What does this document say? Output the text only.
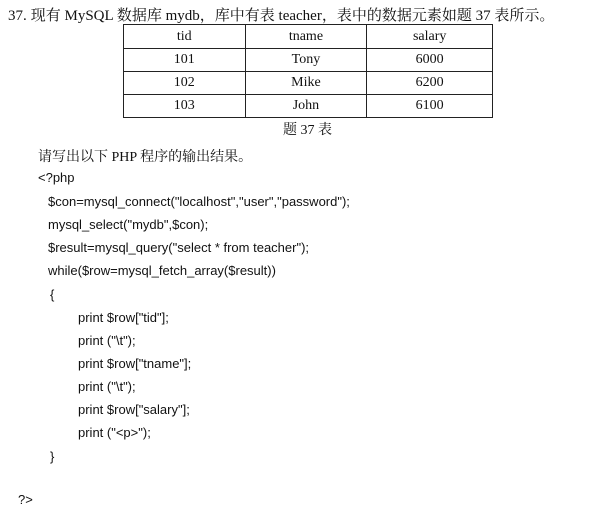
37. 现有 MySQL 数据库 mydb，库中有表 teacher，表中的数据元素如题 37 表所示。
tid	tname	salary
101	Tony	6000
102	Mike	6200
103	John	6100
题 37 表
请写出以下 PHP 程序的输出结果。
<?php
$con=mysql_connect("localhost","user","password");
mysql_select("mydb",$con);
$result=mysql_query("select * from teacher");
while($row=mysql_fetch_array($result))
{
print $row["tid"];
print ("\t");
print $row["tname"];
print ("\t");
print $row["salary"];
print ("<p>");
}
?>
